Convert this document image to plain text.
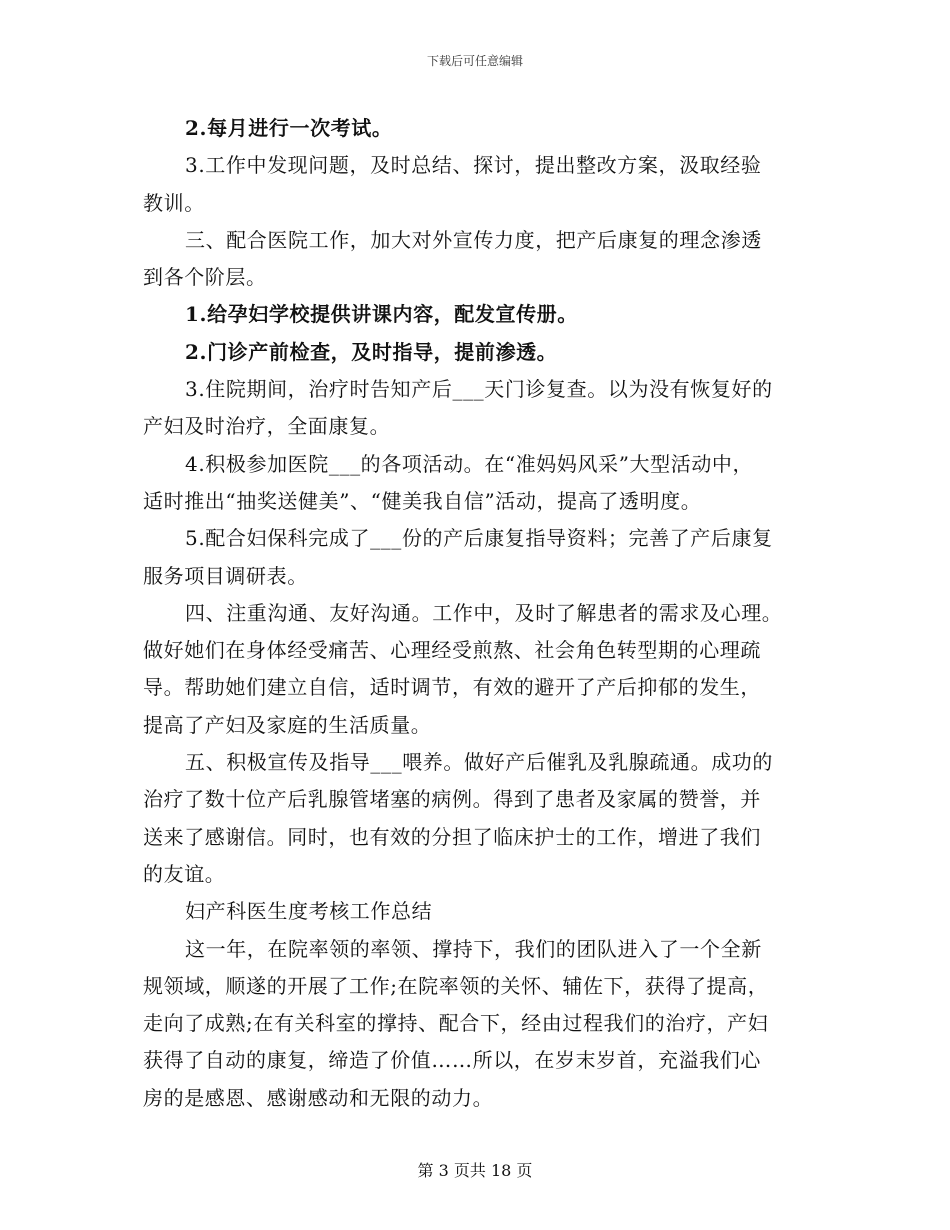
下载后可任意编辑
2.每月进行一次考试。
3.工作中发现问题，及时总结、探讨，提出整改方案，汲取经验
教训。
三、配合医院工作，加大对外宣传力度，把产后康复的理念渗透
到各个阶层。
1.给孕妇学校提供讲课内容，配发宣传册。
2.门诊产前检查，及时指导，提前渗透。
3.住院期间，治疗时告知产后___天门诊复查。以为没有恢复好的
产妇及时治疗，全面康复。
4.积极参加医院___的各项活动。在“准妈妈风采”大型活动中，
适时推出“抽奖送健美”、“健美我自信”活动，提高了透明度。
5.配合妇保科完成了___份的产后康复指导资料；完善了产后康复
服务项目调研表。
四、注重沟通、友好沟通。工作中，及时了解患者的需求及心理。
做好她们在身体经受痛苦、心理经受煎熬、社会角色转型期的心理疏
导。帮助她们建立自信，适时调节，有效的避开了产后抑郁的发生，
提高了产妇及家庭的生活质量。
五、积极宣传及指导___喂养。做好产后催乳及乳腺疏通。成功的
治疗了数十位产后乳腺管堵塞的病例。得到了患者及家属的赞誉，并
送来了感谢信。同时，也有效的分担了临床护士的工作，增进了我们
的友谊。
妇产科医生度考核工作总结
这一年，在院率领的率领、撑持下，我们的团队进入了一个全新
规领域，顺遂的开展了工作;在院率领的关怀、辅佐下，获得了提高，
走向了成熟;在有关科室的撑持、配合下，经由过程我们的治疗，产妇
获得了自动的康复，缔造了价值……所以，在岁末岁首，充溢我们心
房的是感恩、感谢感动和无限的动力。
第 3 页共 18 页
